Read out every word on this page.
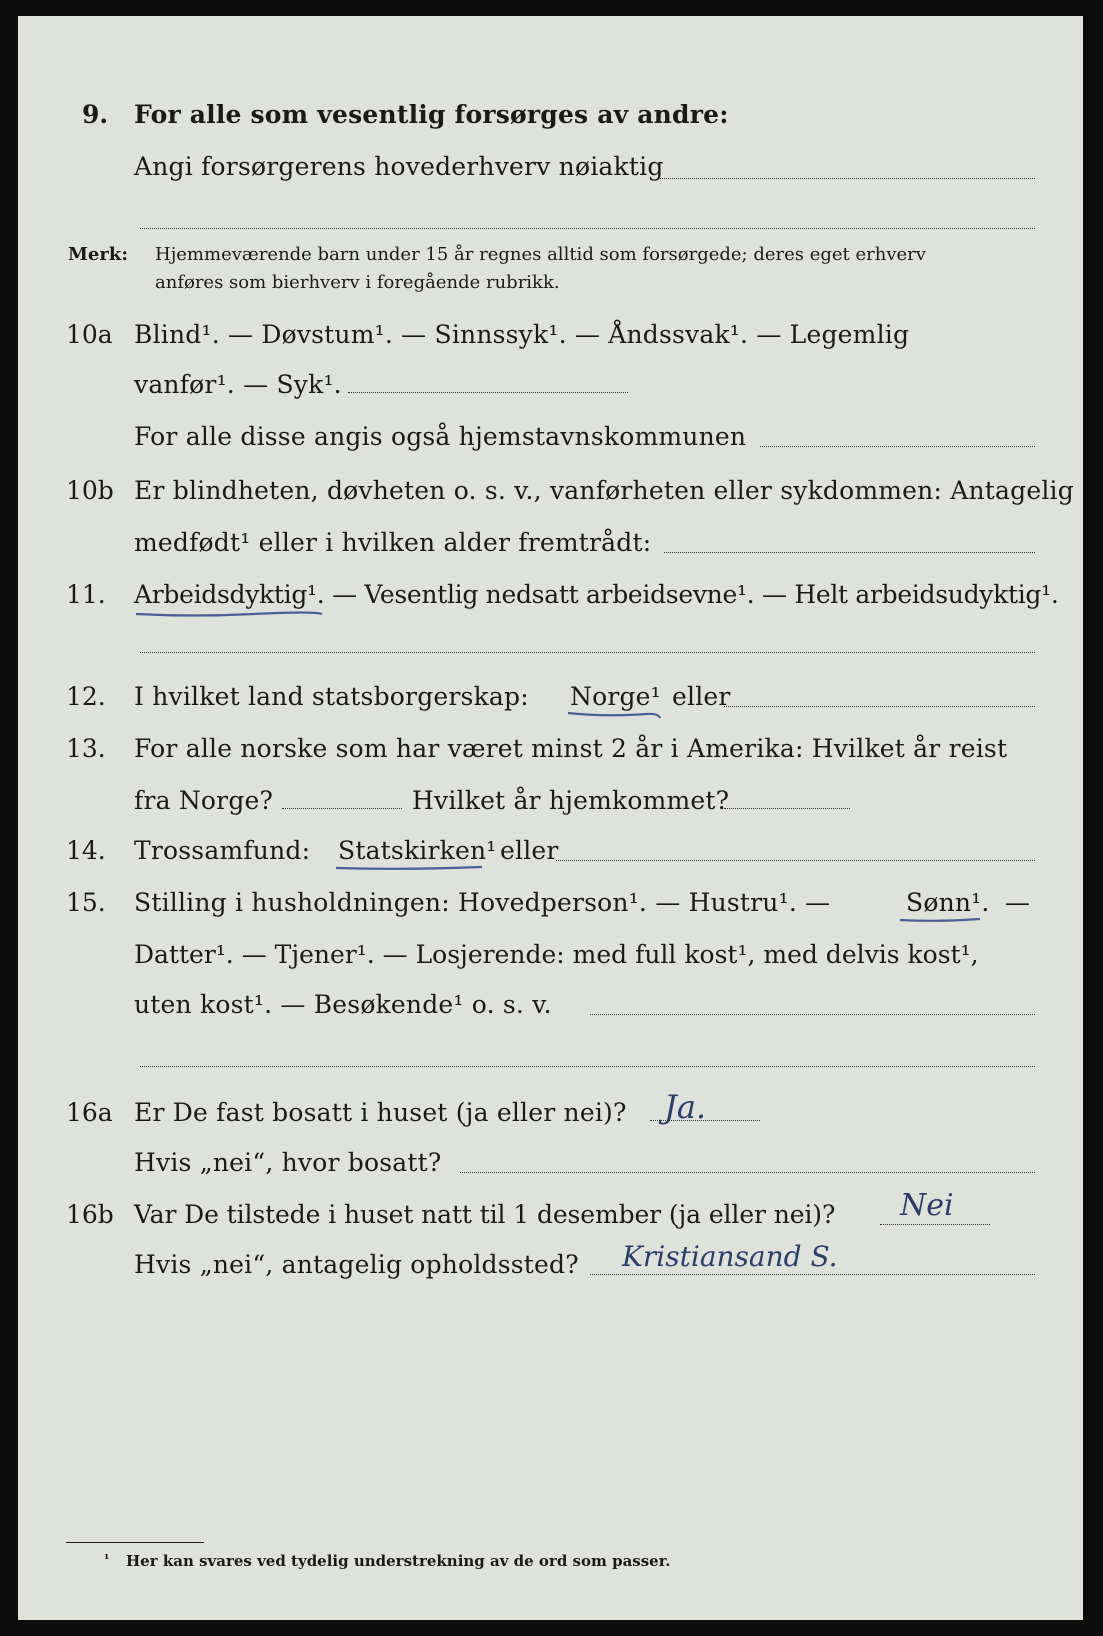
9. For alle som vesentlig forsørges av andre:
Angi forsørgerens hovederhverv nøiaktig
Merk: Hjemmeværende barn under 15 år regnes alltid som forsørgede; deres eget erhverv
anføres som bierhverv i foregående rubrikk.
10a Blind¹. — Døvstum¹. — Sinnssyk¹. — Åndssvak¹. — Legemlig
vanfør¹. — Syk¹.
For alle disse angis også hjemstavnskommunen
10b Er blindheten, døvheten o. s. v., vanførheten eller sykdommen: Antagelig
medfødt¹ eller i hvilken alder fremtrådt:
11. Arbeidsdyktig¹. — Vesentlig nedsatt arbeidsevne¹. — Helt arbeidsudyktig¹.
12. I hvilket land statsborgerskap: Norge¹ eller
13. For alle norske som har været minst 2 år i Amerika: Hvilket år reist
fra Norge?	Hvilket år hjemkommet?
14. Trossamfund: Statskirken¹ eller
15. Stilling i husholdningen: Hovedperson¹. — Hustru¹. —	Sønn¹. —
Datter¹. — Tjener¹. — Losjerende: med full kost¹, med delvis kost¹,
uten kost¹. — Besøkende¹ o. s. v.
16a Er De fast bosatt i huset (ja eller nei)? Ja.
Hvis „nei“, hvor bosatt?
16b Var De tilstede i huset natt til 1 desember (ja eller nei)? Nei
Hvis „nei“, antagelig opholdssted? Kristiansand S.
¹ Her kan svares ved tydelig understrekning av de ord som passer.
